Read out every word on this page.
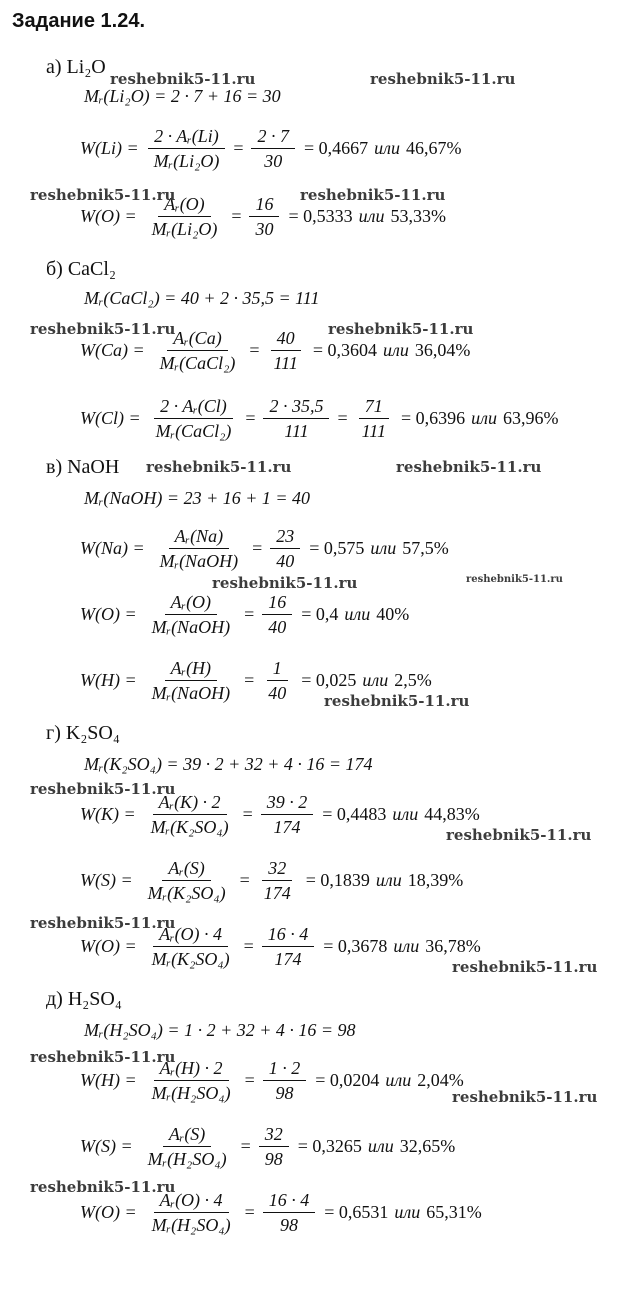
Задание 1.24.
а) Li₂O
Mᵣ(Li₂O) = 2 · 7 + 16 = 30
$W(Li) = \frac{\text{2 · Aᵣ(Li)}}{\text{Mᵣ(Li₂O)}} = \frac{2 \cdot 7}{30} = 0,4667$ или 46,67%
$W(O) = \frac{\text{Aᵣ(O)}}{\text{Mᵣ(Li₂O)}} = \frac{16}{30} = 0,5333$ или 53,33%
б) CaCl₂
Mᵣ(CaCl₂) = 40 + 2 · 35,5 = 111
$W(Ca) = \frac{\text{Aᵣ(Ca)}}{\text{Mᵣ(CaCl₂)}} = \frac{40}{111} = 0,3604$ или 36,04%
$W(Cl) = \frac{\text{2 · Aᵣ(Cl)}}{\text{Mᵣ(CaCl₂)}} = \frac{2 \cdot 35,5}{111} = \frac{71}{111} = 0,6396$ или 63,96%
в) NaOH
Mᵣ(NaOH) = 23 + 16 + 1 = 40
$W(Na) = \frac{\text{Aᵣ(Na)}}{\text{Mᵣ(NaOH)}} = \frac{23}{40} = 0,575$ или 57,5%
$W(O) = \frac{\text{Aᵣ(O)}}{\text{Mᵣ(NaOH)}} = \frac{16}{40} = 0,4$ или 40%
$W(H) = \frac{\text{Aᵣ(H)}}{\text{Mᵣ(NaOH)}} = \frac{1}{40} = 0,025$ или 2,5%
г) K₂SO₄
Mᵣ(K₂SO₄) = 39 · 2 + 32 + 4 · 16 = 174
$W(K) = \frac{\text{Aᵣ(K) · 2}}{\text{Mᵣ(K₂SO₄)}} = \frac{39 \cdot 2}{174} = 0,4483$ или 44,83%
$W(S) = \frac{\text{Aᵣ(S)}}{\text{Mᵣ(K₂SO₄)}} = \frac{32}{174} = 0,1839$ или 18,39%
$W(O) = \frac{\text{Aᵣ(O) · 4}}{\text{Mᵣ(K₂SO₄)}} = \frac{16 \cdot 4}{174} = 0,3678$ или 36,78%
д) H₂SO₄
Mᵣ(H₂SO₄) = 1 · 2 + 32 + 4 · 16 = 98
$W(H) = \frac{\text{Aᵣ(H) · 2}}{\text{Mᵣ(H₂SO₄)}} = \frac{1 \cdot 2}{98} = 0,0204$ или 2,04%
$W(S) = \frac{\text{Aᵣ(S)}}{\text{Mᵣ(H₂SO₄)}} = \frac{32}{98} = 0,3265$ или 32,65%
$W(O) = \frac{\text{Aᵣ(O) · 4}}{\text{Mᵣ(H₂SO₄)}} = \frac{16 \cdot 4}{98} = 0,6531$ или 65,31%
reshebnik5-11.ru	reshebnik5-11.ru
reshebnik5-11.ru	reshebnik5-11.ru
reshebnik5-11.ru	reshebnik5-11.ru
reshebnik5-11.ru	reshebnik5-11.ru
reshebnik5-11.ru	reshebnik5-11.ru
reshebnik5-11.ru
reshebnik5-11.ru
reshebnik5-11.ru
reshebnik5-11.ru
reshebnik5-11.ru
reshebnik5-11.ru
reshebnik5-11.ru
reshebnik5-11.ru
